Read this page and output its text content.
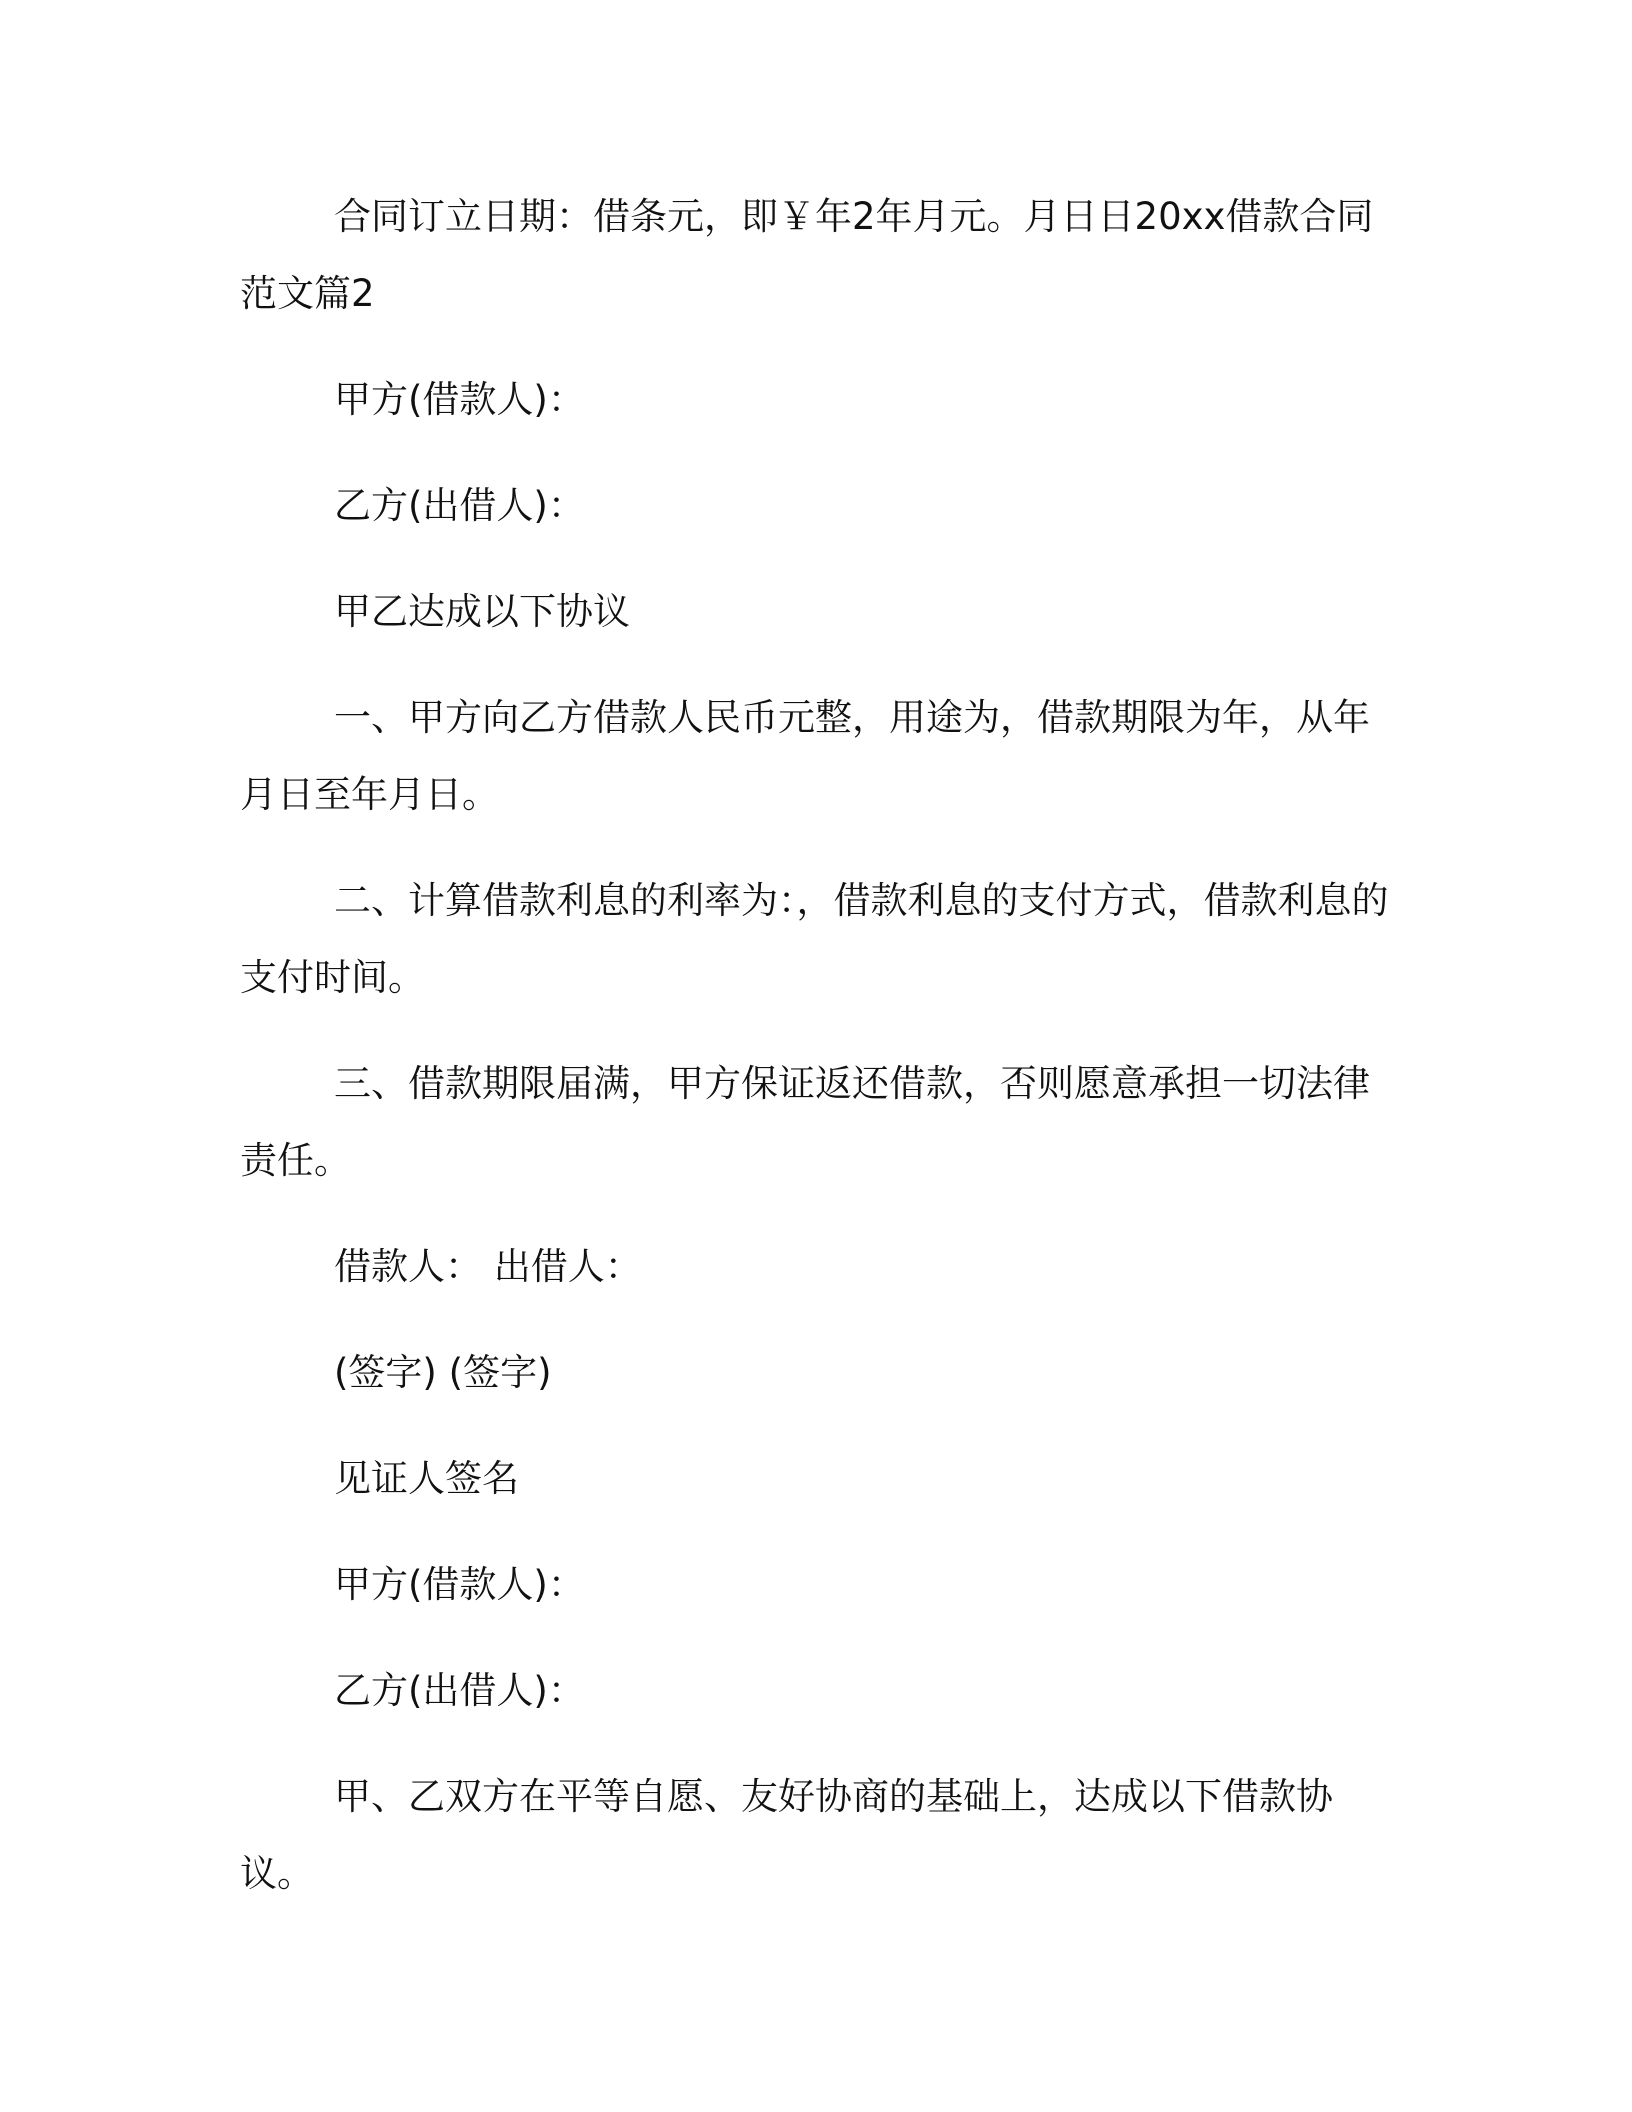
合同订立日期：借条元，即￥年2年月元。月日日20xx借款合同范文篇2

甲方(借款人)：

乙方(出借人)：

甲乙达成以下协议

一、甲方向乙方借款人民币元整，用途为，借款期限为年，从年月日至年月日。

二、计算借款利息的利率为：，借款利息的支付方式，借款利息的支付时间。

三、借款期限届满，甲方保证返还借款，否则愿意承担一切法律责任。

借款人： 出借人：

(签字) (签字)

见证人签名

甲方(借款人)：

乙方(出借人)：

甲、乙双方在平等自愿、友好协商的基础上，达成以下借款协议。
